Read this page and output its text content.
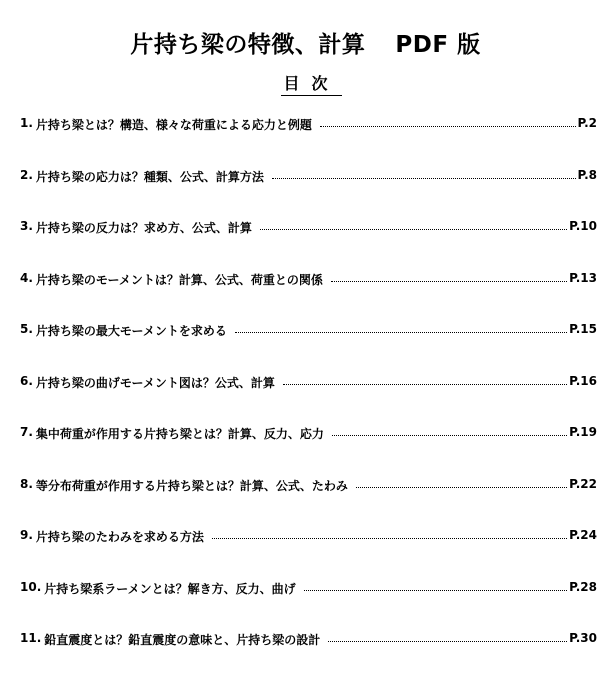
片持ち梁の特徴、計算 PDF 版
目次
1. 片持ち梁とは？構造、様々な荷重による応力と例題	P.2
2. 片持ち梁の応力は？種類、公式、計算方法	P.8
3. 片持ち梁の反力は？求め方、公式、計算	P.10
4. 片持ち梁のモーメントは？計算、公式、荷重との関係	P.13
5. 片持ち梁の最大モーメントを求める	P.15
6. 片持ち梁の曲げモーメント図は？公式、計算	P.16
7. 集中荷重が作用する片持ち梁とは？計算、反力、応力	P.19
8. 等分布荷重が作用する片持ち梁とは？計算、公式、たわみ	P.22
9. 片持ち梁のたわみを求める方法	P.24
10. 片持ち梁系ラーメンとは？解き方、反力、曲げ	P.28
11. 鉛直震度とは？鉛直震度の意味と、片持ち梁の設計	P.30
